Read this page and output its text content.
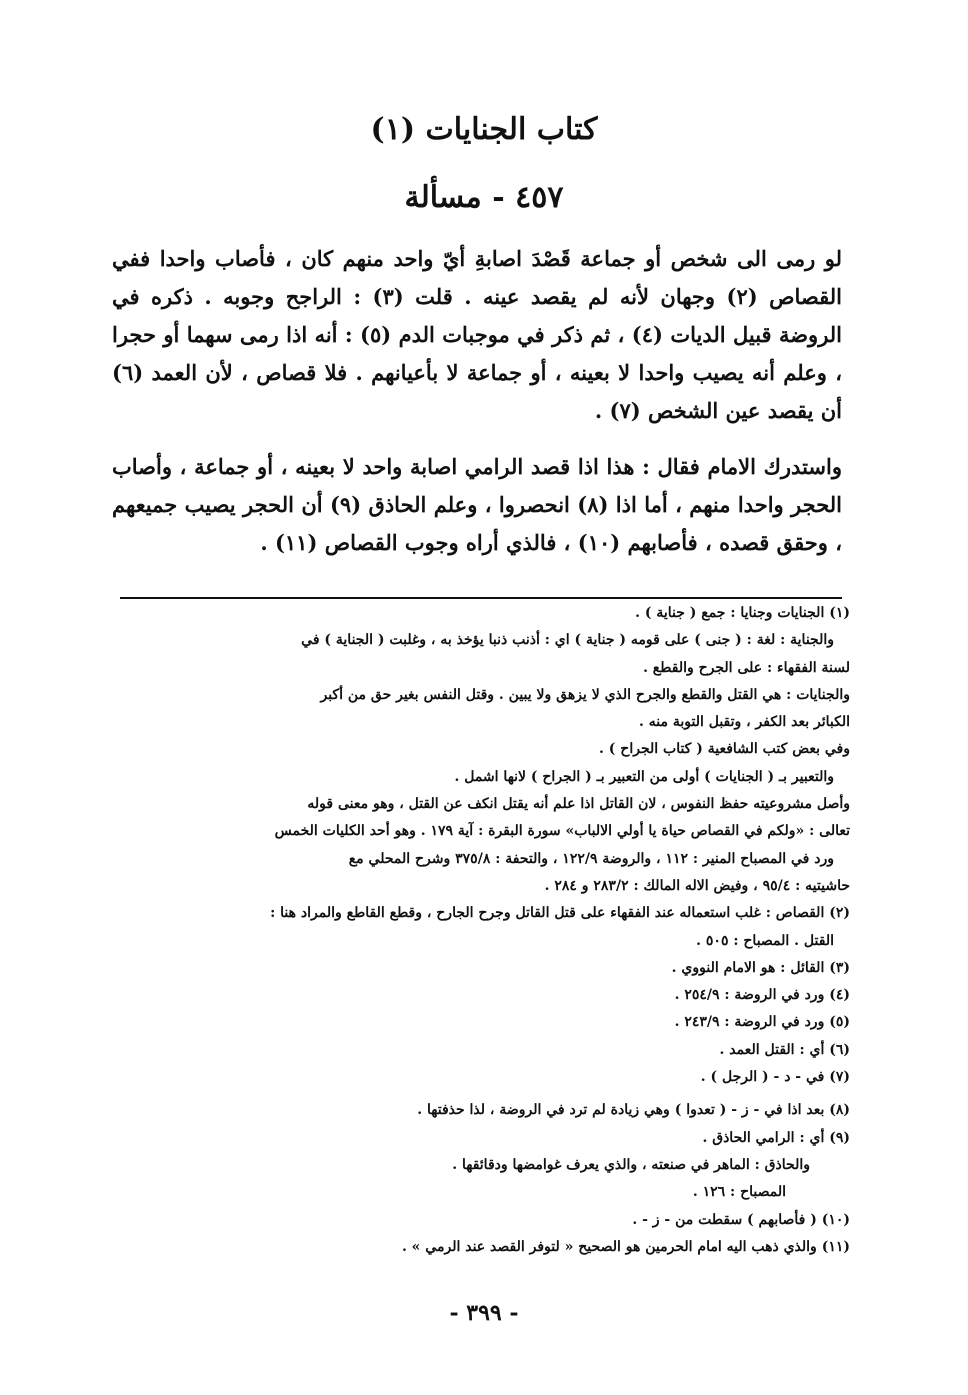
كتاب الجنايات (١)
٤٥٧ - مسألة

لو رمى الى شخص أو جماعة قَصْدَ اصابةِ أيّ واحد منهم كان ، فأصاب واحدا ففي القصاص (٢) وجهان لأنه لم يقصد عينه . قلت (٣) : الراجح وجوبه . ذكره في الروضة قبيل الديات (٤) ، ثم ذكر في موجبات الدم (٥) : أنه اذا رمى سهما أو حجرا ، وعلم أنه يصيب واحدا لا بعينه ، أو جماعة لا بأعيانهم . فلا قصاص ، لأن العمد (٦) أن يقصد عين الشخص (٧) .

واستدرك الامام فقال : هذا اذا قصد الرامي اصابة واحد لا بعينه ، أو جماعة ، وأصاب الحجر واحدا منهم ، أما اذا (٨) انحصروا ، وعلم الحاذق (٩) أن الحجر يصيب جميعهم ، وحقق قصده ، فأصابهم (١٠) ، فالذي أراه وجوب القصاص (١١) .

(١) الجنايات وجنايا : جمع ( جناية ) .
والجناية : لغة : ( جنى ) على قومه ( جناية ) اي : أذنب ذنبا يؤخذ به ، وغلبت ( الجناية ) في
لسنة الفقهاء : على الجرح والقطع .
والجنايات : هي القتل والقطع والجرح الذي لا يزهق ولا يبين . وقتل النفس بغير حق من أكبر
الكبائر بعد الكفر ، وتقبل التوبة منه .
وفي بعض كتب الشافعية ( كتاب الجراح ) .
والتعبير بـ ( الجنايات ) أولى من التعبير بـ ( الجراح ) لانها اشمل .
وأصل مشروعيته حفظ النفوس ، لان القاتل اذا علم أنه يقتل انكف عن القتل ، وهو معنى قوله
تعالى : «ولكم في القصاص حياة يا أولي الالباب» سورة البقرة : آية ١٧٩ . وهو أحد الكليات الخمس
ورد في المصباح المنير : ١١٢ ، والروضة ١٢٢/٩ ، والتحفة : ٣٧٥/٨ وشرح المحلي مع
حاشيتيه : ٩٥/٤ ، وفيض الاله المالك : ٢٨٣/٢ و ٢٨٤ .
(٢) القصاص : غلب استعماله عند الفقهاء على قتل القاتل وجرح الجارح ، وقطع القاطع والمراد هنا :
القتل . المصباح : ٥٠٥ .
(٣) القائل : هو الامام النووي .
(٤) ورد في الروضة : ٢٥٤/٩ .
(٥) ورد في الروضة : ٢٤٣/٩ .
(٦) أي : القتل العمد .
(٧) في - د - ( الرجل ) .
(٨) بعد اذا في - ز - ( تعدوا ) وهي زيادة لم ترد في الروضة ، لذا حذفتها .
(٩) أي : الرامي الحاذق .
والحاذق : الماهر في صنعته ، والذي يعرف غوامضها ودقائقها .
المصباح : ١٢٦ .
(١٠) ( فأصابهم ) سقطت من - ز - .
(١١) والذي ذهب اليه امام الحرمين هو الصحيح « لتوفر القصد عند الرمي » .
- ٣٩٩ -
